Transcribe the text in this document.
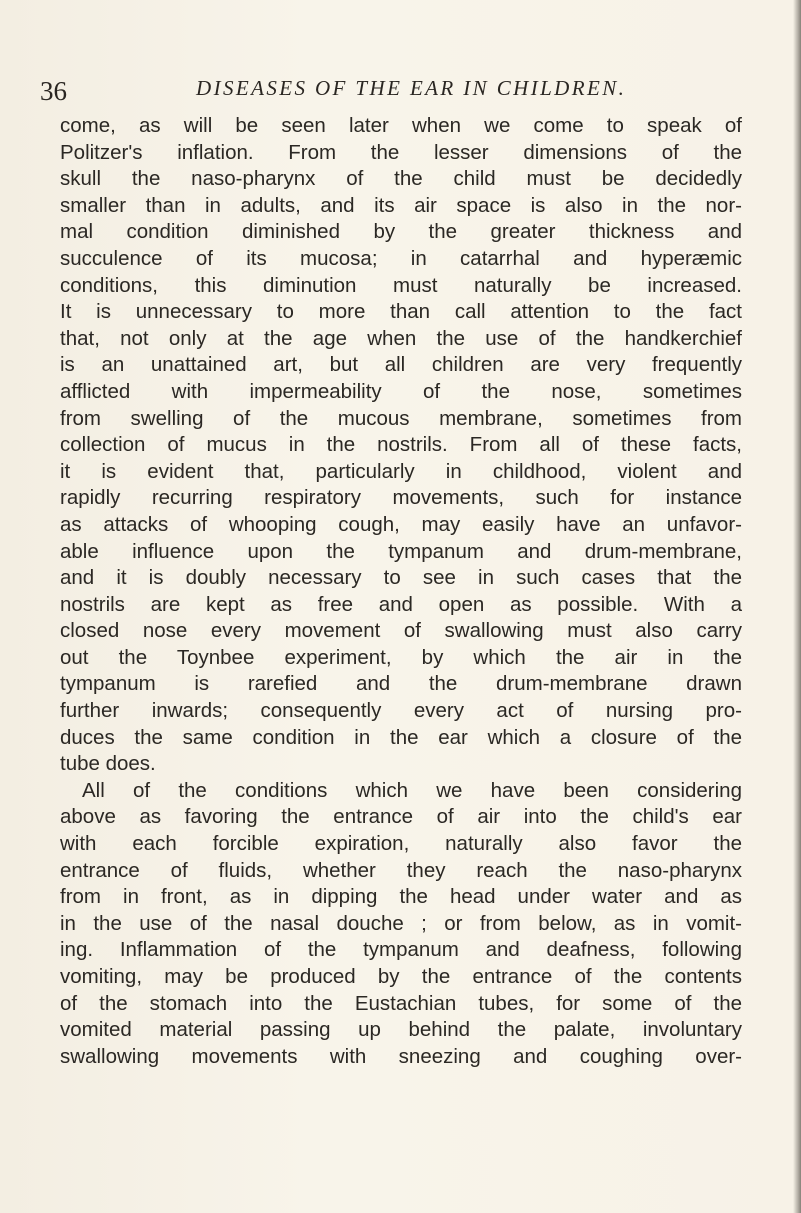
36	DISEASES OF THE EAR IN CHILDREN.
come, as will be seen later when we come to speak of
Politzer's inflation. From the lesser dimensions of the
skull the naso-pharynx of the child must be decidedly
smaller than in adults, and its air space is also in the nor-
mal condition diminished by the greater thickness and
succulence of its mucosa; in catarrhal and hyperæmic
conditions, this diminution must naturally be increased.
It is unnecessary to more than call attention to the fact
that, not only at the age when the use of the handkerchief
is an unattained art, but all children are very frequently
afflicted with impermeability of the nose, sometimes
from swelling of the mucous membrane, sometimes from
collection of mucus in the nostrils. From all of these facts,
it is evident that, particularly in childhood, violent and
rapidly recurring respiratory movements, such for instance
as attacks of whooping cough, may easily have an unfavor-
able influence upon the tympanum and drum-membrane,
and it is doubly necessary to see in such cases that the
nostrils are kept as free and open as possible. With a
closed nose every movement of swallowing must also carry
out the Toynbee experiment, by which the air in the
tympanum is rarefied and the drum-membrane drawn
further inwards; consequently every act of nursing pro-
duces the same condition in the ear which a closure of the
tube does.
All of the conditions which we have been considering
above as favoring the entrance of air into the child's ear
with each forcible expiration, naturally also favor the
entrance of fluids, whether they reach the naso-pharynx
from in front, as in dipping the head under water and as
in the use of the nasal douche ; or from below, as in vomit-
ing. Inflammation of the tympanum and deafness, following
vomiting, may be produced by the entrance of the contents
of the stomach into the Eustachian tubes, for some of the
vomited material passing up behind the palate, involuntary
swallowing movements with sneezing and coughing over-
